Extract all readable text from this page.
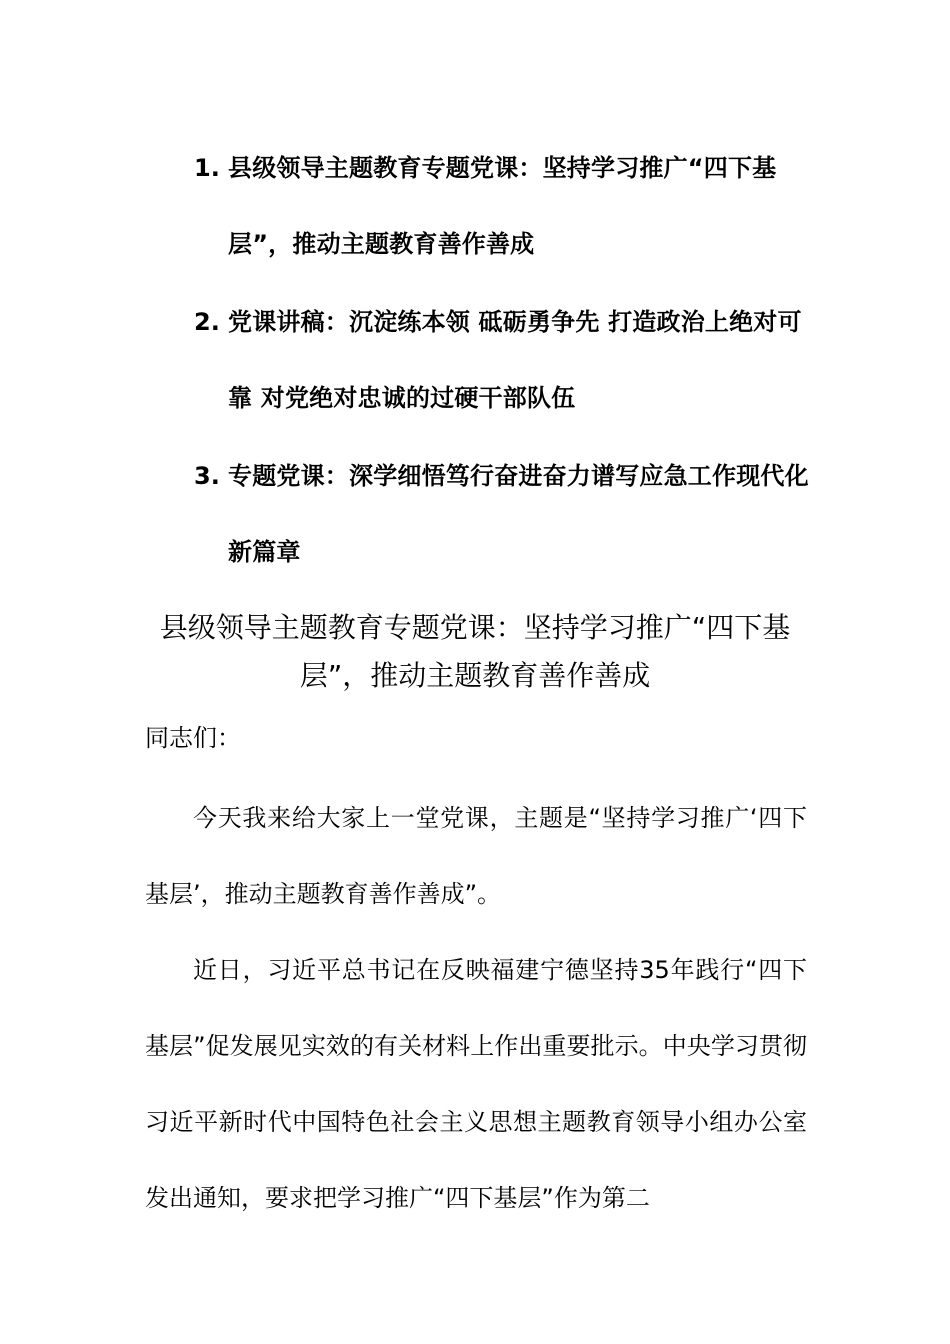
1. 县级领导主题教育专题党课：坚持学习推广“四下基层”，推动主题教育善作善成
2. 党课讲稿：沉淀练本领 砥砺勇争先 打造政治上绝对可靠 对党绝对忠诚的过硬干部队伍
3. 专题党课：深学细悟笃行奋进奋力谱写应急工作现代化新篇章
县级领导主题教育专题党课：坚持学习推广“四下基
层”，推动主题教育善作善成
同志们：

今天我来给大家上一堂党课，主题是“坚持学习推广‘四下基层’，推动主题教育善作善成”。

近日，习近平总书记在反映福建宁德坚持35年践行“四下基层”促发展见实效的有关材料上作出重要批示。中央学习贯彻习近平新时代中国特色社会主义思想主题教育领导小组办公室发出通知，要求把学习推广“四下基层”作为第二
